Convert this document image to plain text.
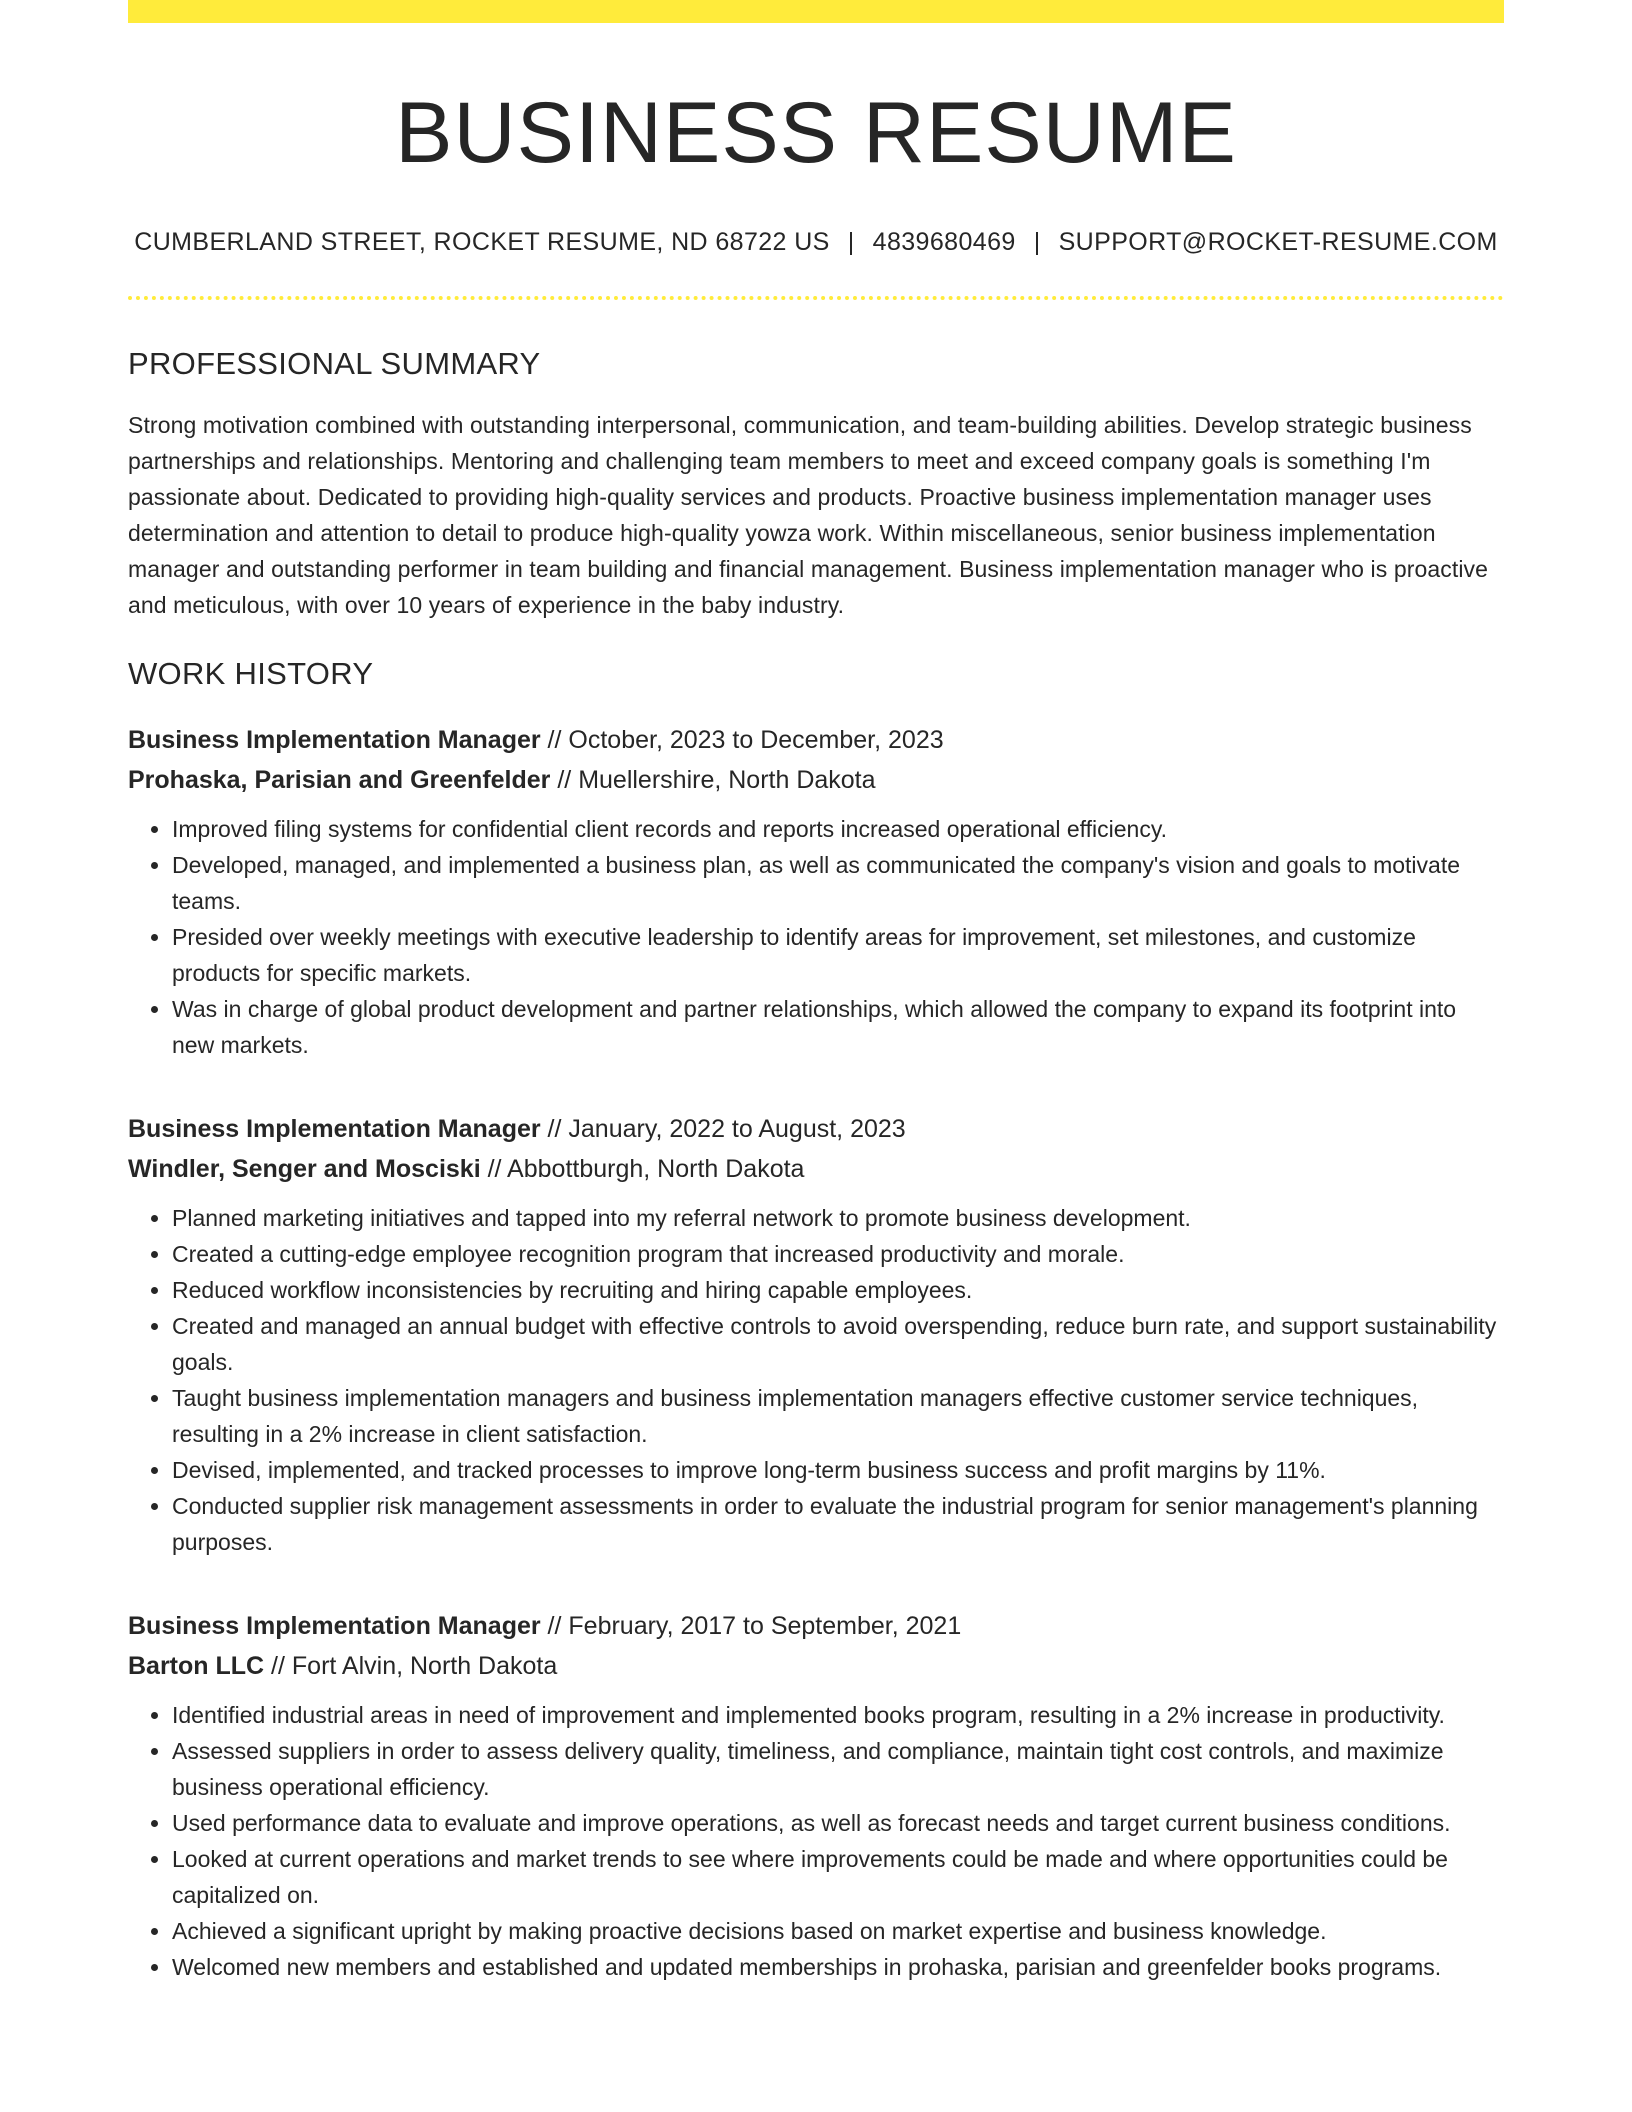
BUSINESS RESUME
CUMBERLAND STREET, ROCKET RESUME, ND 68722 US | 4839680469 | SUPPORT@ROCKET-RESUME.COM
PROFESSIONAL SUMMARY

Strong motivation combined with outstanding interpersonal, communication, and team-building abilities. Develop strategic business partnerships and relationships. Mentoring and challenging team members to meet and exceed company goals is something I'm passionate about. Dedicated to providing high-quality services and products. Proactive business implementation manager uses determination and attention to detail to produce high-quality yowza work. Within miscellaneous, senior business implementation manager and outstanding performer in team building and financial management. Business implementation manager who is proactive and meticulous, with over 10 years of experience in the baby industry.

WORK HISTORY
Business Implementation Manager // October, 2023 to December, 2023
Prohaska, Parisian and Greenfelder // Muellershire, North Dakota
• Improved filing systems for confidential client records and reports increased operational efficiency.
• Developed, managed, and implemented a business plan, as well as communicated the company's vision and goals to motivate teams.
• Presided over weekly meetings with executive leadership to identify areas for improvement, set milestones, and customize products for specific markets.
• Was in charge of global product development and partner relationships, which allowed the company to expand its footprint into new markets.
Business Implementation Manager // January, 2022 to August, 2023
Windler, Senger and Mosciski // Abbottburgh, North Dakota
• Planned marketing initiatives and tapped into my referral network to promote business development.
• Created a cutting-edge employee recognition program that increased productivity and morale.
• Reduced workflow inconsistencies by recruiting and hiring capable employees.
• Created and managed an annual budget with effective controls to avoid overspending, reduce burn rate, and support sustainability goals.
• Taught business implementation managers and business implementation managers effective customer service techniques, resulting in a 2% increase in client satisfaction.
• Devised, implemented, and tracked processes to improve long-term business success and profit margins by 11%.
• Conducted supplier risk management assessments in order to evaluate the industrial program for senior management's planning purposes.
Business Implementation Manager // February, 2017 to September, 2021
Barton LLC // Fort Alvin, North Dakota
• Identified industrial areas in need of improvement and implemented books program, resulting in a 2% increase in productivity.
• Assessed suppliers in order to assess delivery quality, timeliness, and compliance, maintain tight cost controls, and maximize business operational efficiency.
• Used performance data to evaluate and improve operations, as well as forecast needs and target current business conditions.
• Looked at current operations and market trends to see where improvements could be made and where opportunities could be capitalized on.
• Achieved a significant upright by making proactive decisions based on market expertise and business knowledge.
• Welcomed new members and established and updated memberships in prohaska, parisian and greenfelder books programs.
